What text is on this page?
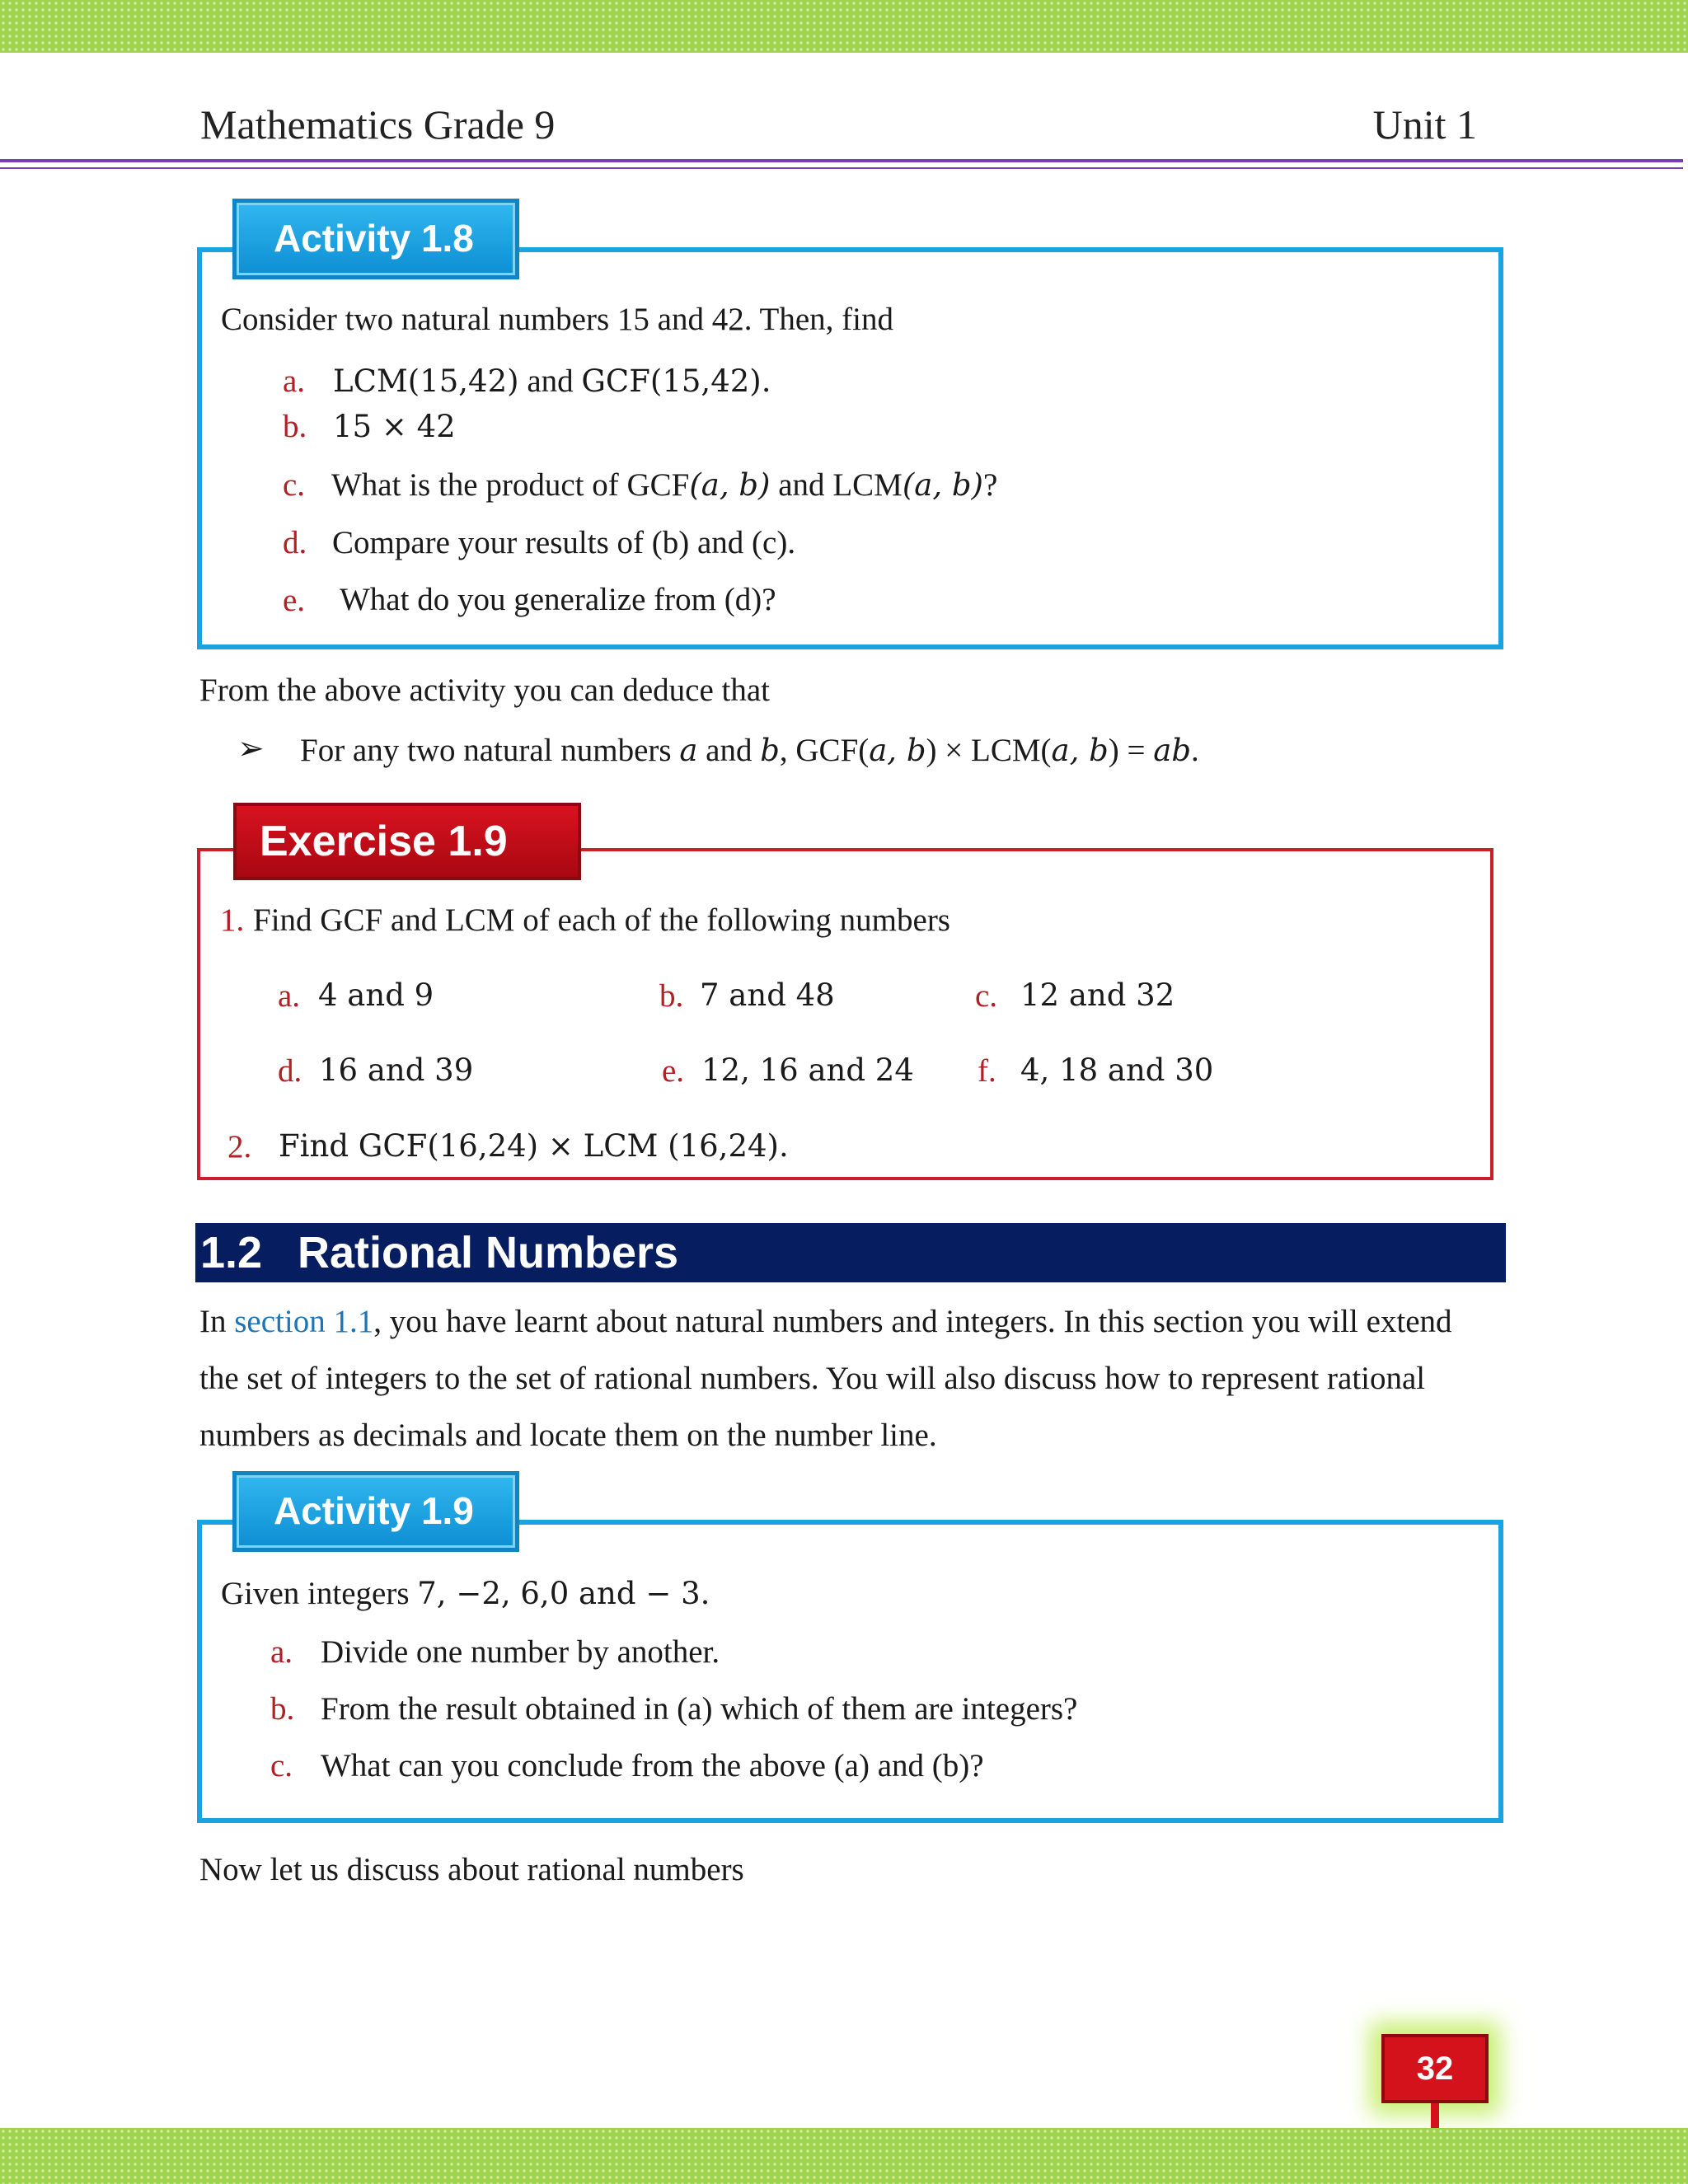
Mathematics Grade 9	Unit 1
Activity 1.8
Consider two natural numbers 15 and 42. Then, find
a. LCM(15,42) and GCF(15,42).
b. 15 × 42
c. What is the product of GCF(a, b) and LCM(a, b)?
d. Compare your results of (b) and (c).
e. What do you generalize from (d)?
From the above activity you can deduce that
➢ For any two natural numbers a and b, GCF(a, b) × LCM(a, b) = ab.
Exercise 1.9
1. Find GCF and LCM of each of the following numbers
a. 4 and 9	b. 7 and 48	c. 12 and 32
d. 16 and 39	e. 12, 16 and 24 f. 4, 18 and 30
2. Find GCF(16,24) × LCM (16,24).
1.2 Rational Numbers
In section 1.1, you have learnt about natural numbers and integers. In this section you will extend
the set of integers to the set of rational numbers. You will also discuss how to represent rational
numbers as decimals and locate them on the number line.
Activity 1.9
Given integers 7, −2, 6,0 and − 3.
a. Divide one number by another.
b. From the result obtained in (a) which of them are integers?
c. What can you conclude from the above (a) and (b)?
Now let us discuss about rational numbers
32
